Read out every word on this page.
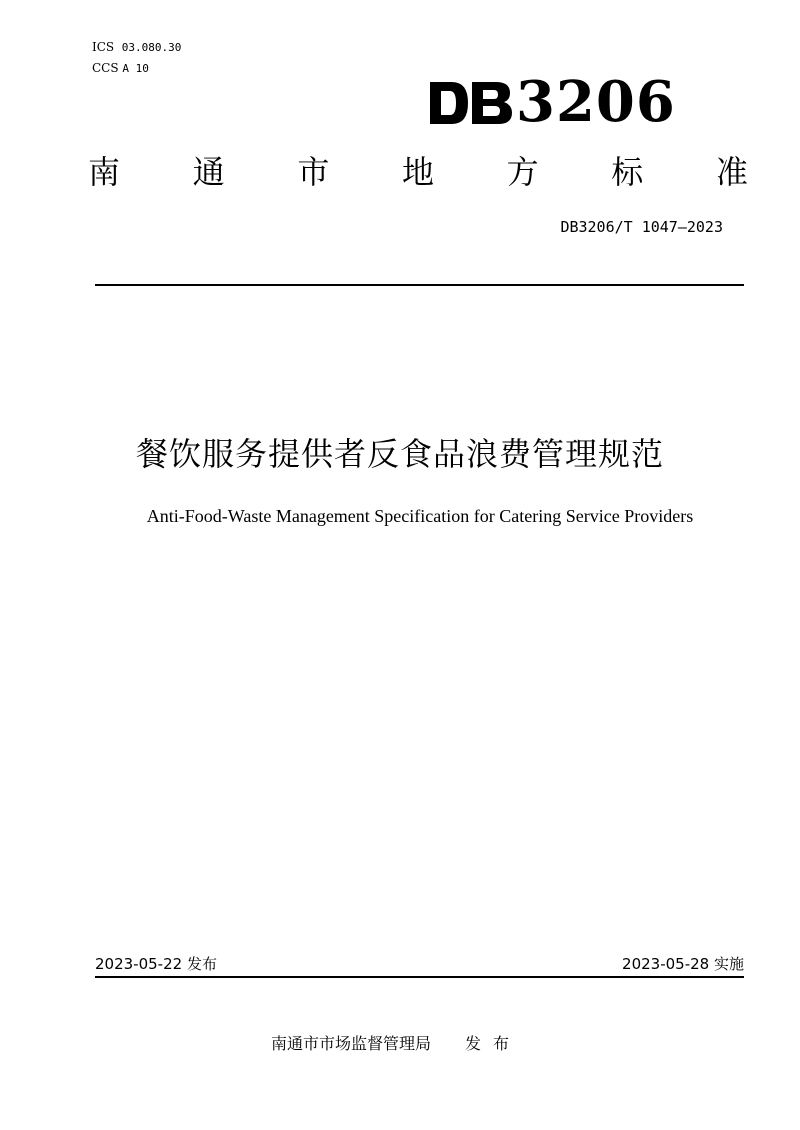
ICS 03.080.30
CCS A 10
3206
南 通 市 地 方 标 准
DB3206/T 1047—2023
餐饮服务提供者反食品浪费管理规范
Anti-Food-Waste Management Specification for Catering Service Providers
2023-05-22 发布	2023-05-28 实施
南通市市场监督管理局 发布
